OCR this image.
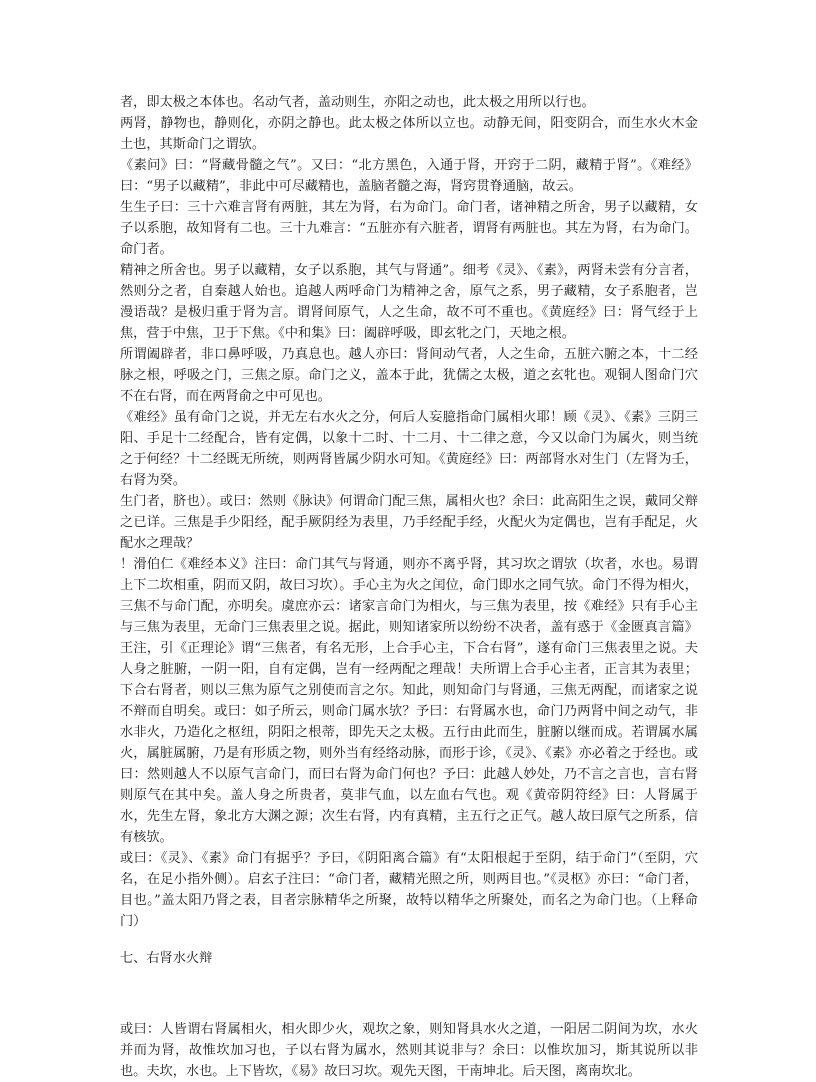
者，即太极之本体也。名动气者，盖动则生，亦阳之动也，此太极之用所以行也。

两肾，静物也，静则化，亦阴之静也。此太极之体所以立也。动静无间，阳变阴合，而生水火木金土也，其斯命门之谓欤。

《素问》曰：“肾藏骨髓之气”。又曰：“北方黑色，入通于肾，开窍于二阴，藏精于肾”。《难经》曰：“男子以藏精”，非此中可尽藏精也，盖脑者髓之海，肾窍贯脊通脑，故云。

生生子曰：三十六难言肾有两脏，其左为肾，右为命门。命门者，诸神精之所舍，男子以藏精，女子以系胞，故知肾有二也。三十九难言：“五脏亦有六脏者，谓肾有两脏也。其左为肾，右为命门。命门者。

精神之所舍也。男子以藏精，女子以系胞，其气与肾通”。细考《灵》、《素》，两肾未尝有分言者，然则分之者，自秦越人始也。追越人两呼命门为精神之舍，原气之系，男子藏精，女子系胞者，岂漫语哉？是极归重于肾为言。谓肾间原气，人之生命，故不可不重也。《黄庭经》曰：肾气经于上焦，营于中焦，卫于下焦。《中和集》曰：阖辟呼吸，即玄牝之门，天地之根。

所谓阖辟者，非口鼻呼吸，乃真息也。越人亦曰：肾间动气者，人之生命，五脏六腑之本，十二经脉之根，呼吸之门，三焦之原。命门之义，盖本于此，犹儒之太极，道之玄牝也。观铜人图命门穴不在右肾，而在两肾俞之中可见也。

《难经》虽有命门之说，并无左右水火之分，何后人妄臆指命门属相火耶！顾《灵》、《素》三阴三阳、手足十二经配合，皆有定偶，以象十二时、十二月、十二律之意，今又以命门为属火，则当统之于何经？十二经既无所统，则两肾皆属少阴水可知。《黄庭经》曰：两部肾水对生门（左肾为壬，右肾为癸。

生门者，脐也）。或曰：然则《脉诀》何谓命门配三焦，属相火也？余曰：此高阳生之误，戴同父辩之已详。三焦是手少阳经，配手厥阴经为表里，乃手经配手经，火配火为定偶也，岂有手配足，火配水之理哉？

！滑伯仁《难经本义》注曰：命门其气与肾通，则亦不离乎肾，其习坎之谓欤（坎者，水也。易谓上下二坎相重，阴而又阴，故曰习坎）。手心主为火之闰位，命门即水之同气欤。命门不得为相火，三焦不与命门配，亦明矣。虞庶亦云：诸家言命门为相火，与三焦为表里，按《难经》只有手心主与三焦为表里，无命门三焦表里之说。据此，则知诸家所以纷纷不决者，盖有惑于《金匮真言篇》王注，引《正理论》谓“三焦者，有名无形，上合手心主，下合右肾”，遂有命门三焦表里之说。夫人身之脏腑，一阴一阳，自有定偶，岂有一经两配之理哉！夫所谓上合手心主者，正言其为表里；下合右肾者，则以三焦为原气之别使而言之尔。知此，则知命门与肾通，三焦无两配，而诸家之说不辩而自明矣。或曰：如子所云，则命门属水欤？予曰：右肾属水也，命门乃两肾中间之动气，非水非火，乃造化之枢纽，阴阳之根蒂，即先天之太极。五行由此而生，脏腑以继而成。若谓属水属火，属脏属腑，乃是有形质之物，则外当有经络动脉，而形于诊，《灵》、《素》亦必着之于经也。或曰：然则越人不以原气言命门，而曰右肾为命门何也？予曰：此越人妙处，乃不言之言也，言右肾则原气在其中矣。盖人身之所贵者，莫非气血，以左血右气也。观《黄帝阴符经》曰：人肾属于水，先生左肾，象北方大渊之源；次生右肾，内有真精，主五行之正气。越人故曰原气之所系，信有核欤。

或曰：《灵》、《素》命门有据乎？予曰，《阴阳离合篇》有“太阳根起于至阴，结于命门”（至阴，穴名，在足小指外侧）。启玄子注曰：“命门者，藏精光照之所，则两目也。”《灵枢》亦曰：“命门者，目也。”盖太阳乃肾之表，目者宗脉精华之所聚，故特以精华之所聚处，而名之为命门也。（上释命门）

七、右肾水火辩

或曰：人皆谓右肾属相火，相火即少火，观坎之象，则知肾具水火之道，一阳居二阴间为坎，水火并而为肾，故惟坎加习也，子以右肾为属水，然则其说非与？余曰：以惟坎加习，斯其说所以非也。夫坎，水也。上下皆坎，《易》故曰习坎。观先天图，干南坤北。后天图，离南坎北。
